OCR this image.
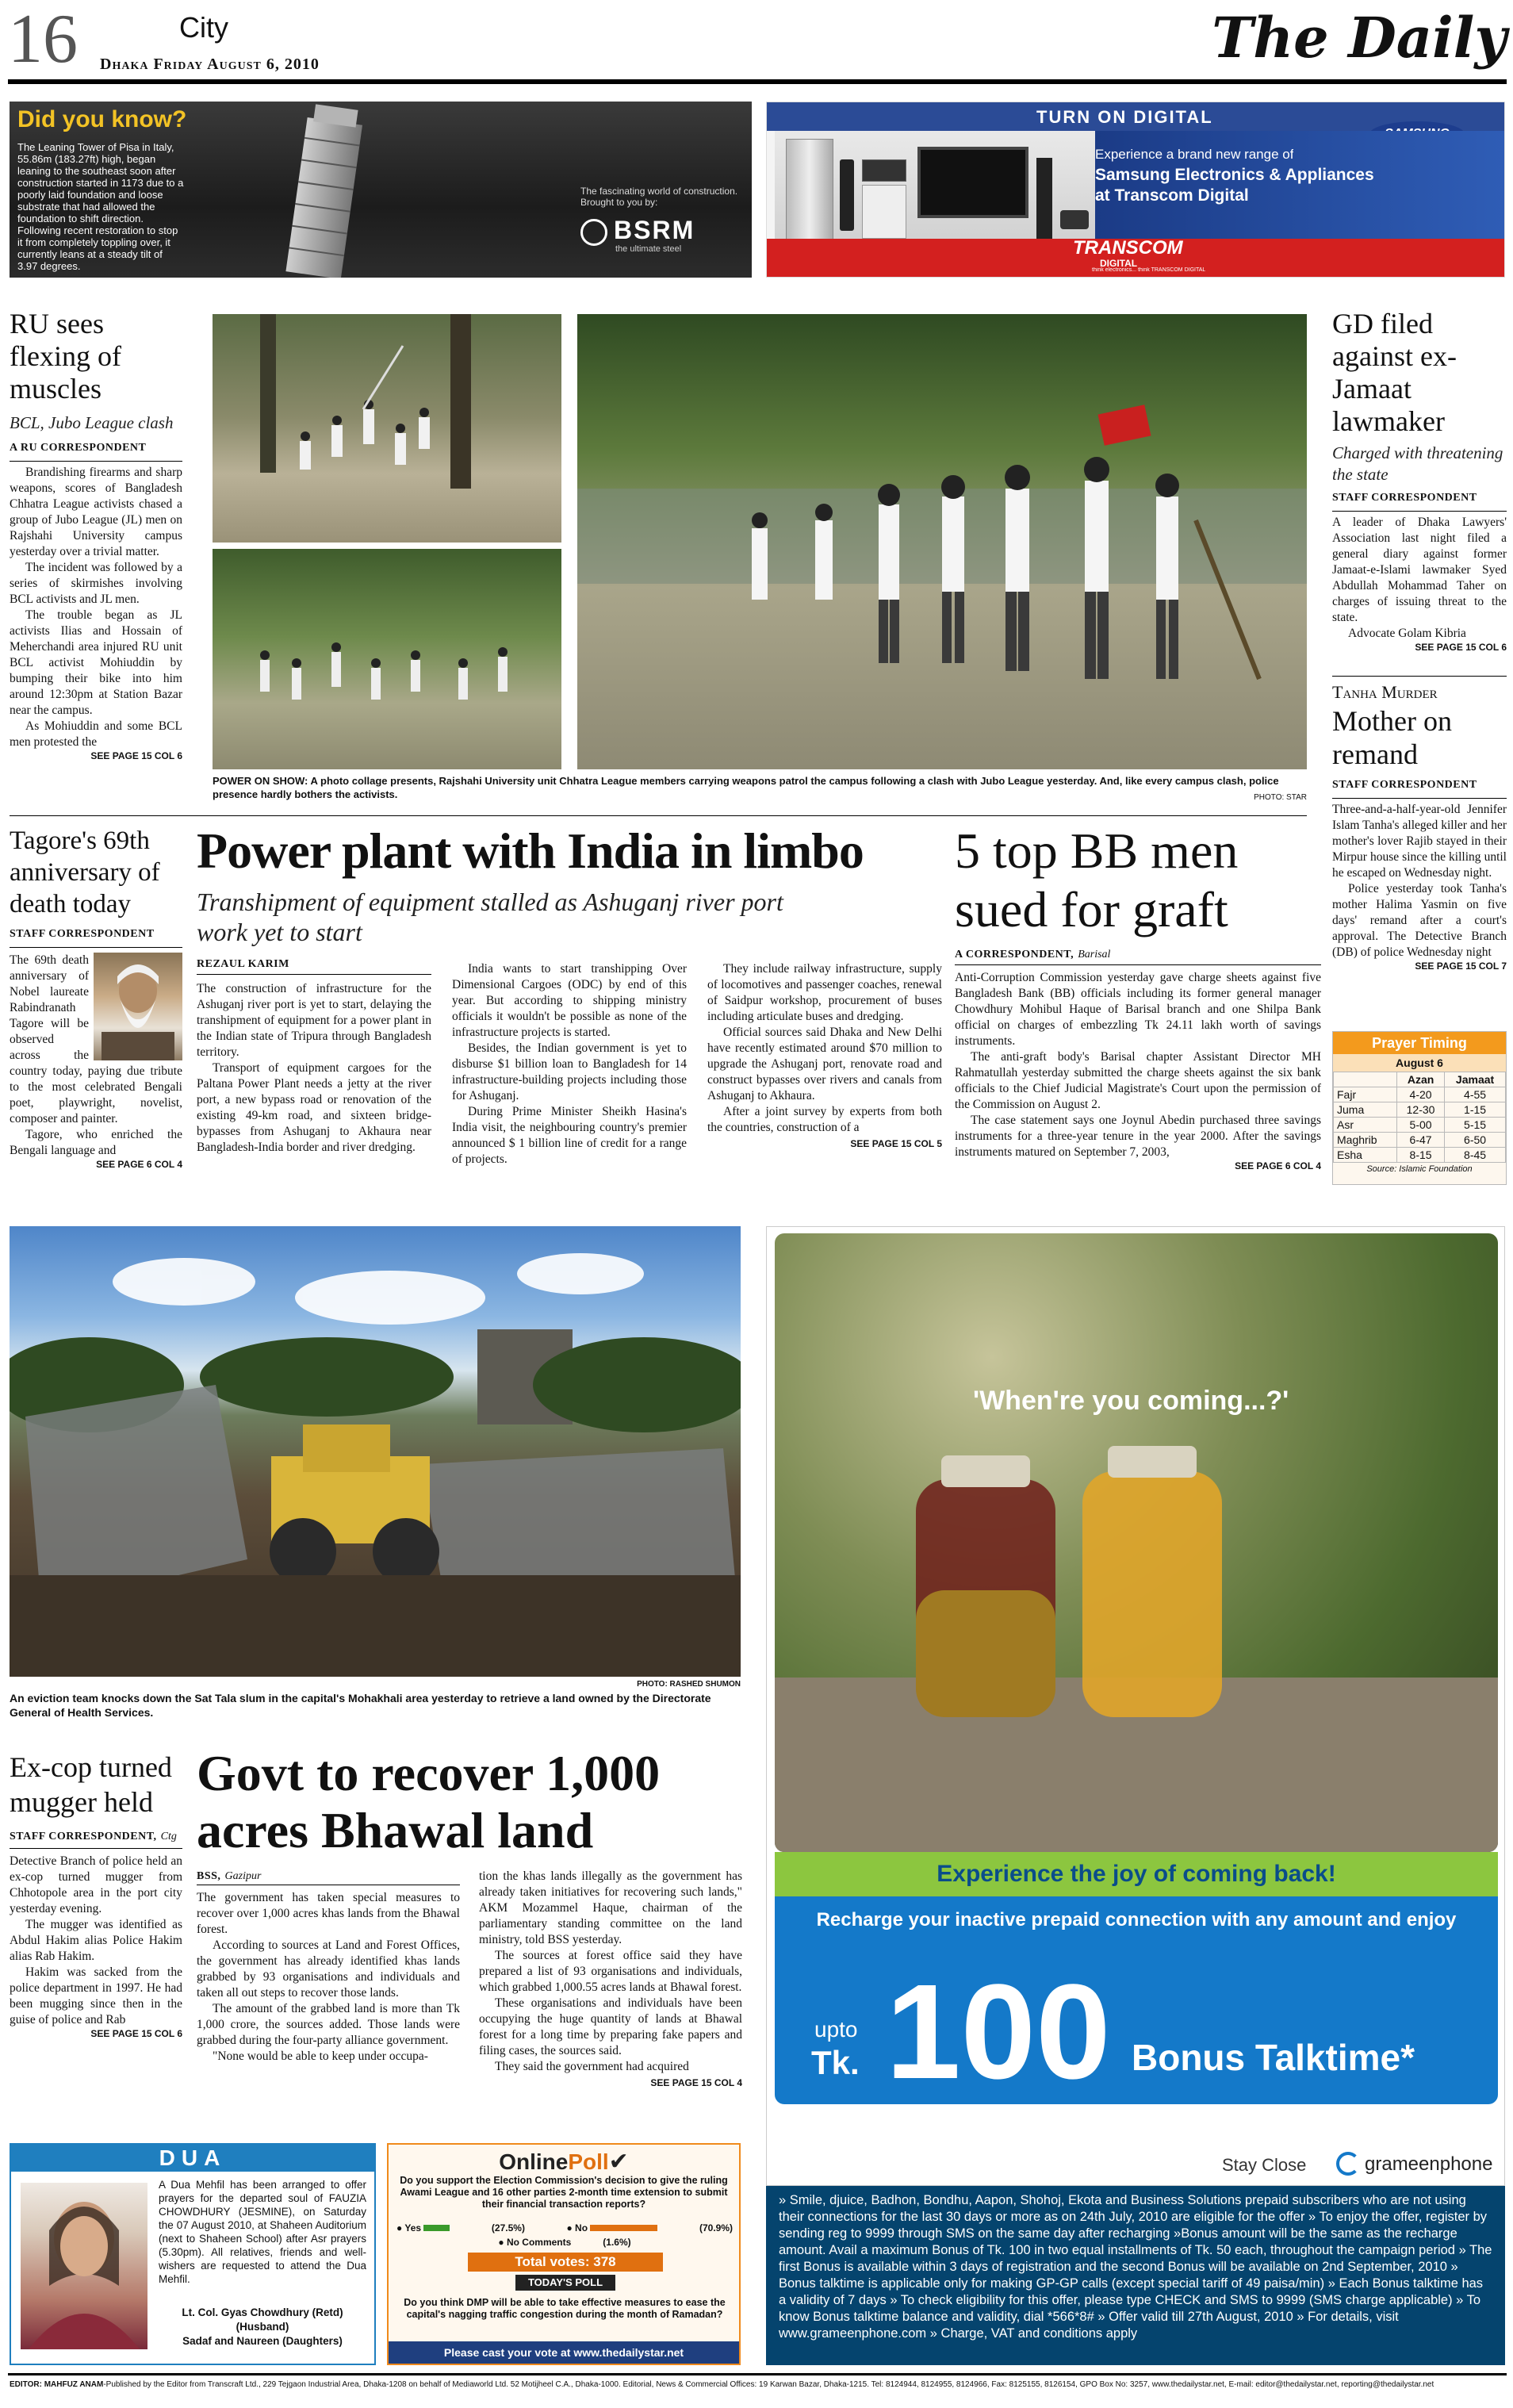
16	City
Dhaka Friday August 6, 2010	The Daily
Did you know?
The Leaning Tower of Pisa in Italy, 55.86m (183.27ft) high, began leaning to the southeast soon after construction started in 1173 due to a poorly laid foundation and loose substrate that had allowed the foundation to shift direction. Following recent restoration to stop it from completely toppling over, it currently leans at a steady tilt of 3.97 degrees.
The fascinating world of construction. Brought to you by:
BSRM
the ultimate steel
TURN ON DIGITAL
Experience a brand new range of
Samsung Electronics & Appliances
at Transcom Digital
TRANSCOM
DIGITAL
think electronics... think TRANSCOM DIGITAL
RU sees flexing of muscles
BCL, Jubo League clash
A RU CORRESPONDENT

Brandishing firearms and sharp weapons, scores of Bangladesh Chhatra League activists chased a group of Jubo League (JL) men on Rajshahi University campus yesterday over a trivial matter.

The incident was followed by a series of skirmishes involving BCL activists and JL men.

The trouble began as JL activists Ilias and Hossain of Meherchandi area injured RU unit BCL activist Mohiuddin by bumping their bike into him around 12:30pm at Station Bazar near the campus.

As Mohiuddin and some BCL men protested the

SEE PAGE 15 COL 6
POWER ON SHOW: A photo collage presents, Rajshahi University unit Chhatra League members carrying weapons patrol the campus following a clash with Jubo League yesterday. And, like every campus clash, police presence hardly bothers the activists.	PHOTO: STAR
GD filed against ex-Jamaat lawmaker
Charged with threatening the state
STAFF CORRESPONDENT

A leader of Dhaka Lawyers' Association last night filed a general diary against former Jamaat-e-Islami lawmaker Syed Abdullah Mohammad Taher on charges of issuing threat to the state.

Advocate Golam Kibria

SEE PAGE 15 COL 6
Tanha Murder
Mother on remand
STAFF CORRESPONDENT

Three-and-a-half-year-old Jennifer Islam Tanha's alleged killer and her mother's lover Rajib stayed in their Mirpur house since the killing until he escaped on Wednesday night.

Police yesterday took Tanha's mother Halima Yasmin on five days' remand after a court's approval. The Detective Branch (DB) of police Wednesday night

SEE PAGE 15 COL 7
Prayer Timing
August 6
	Azan	Jamaat
Fajr	4-20	4-55
Juma	12-30	1-15
Asr	5-00	5-15
Maghrib	6-47	6-50
Esha	8-15	8-45
Source: Islamic Foundation
Tagore's 69th anniversary of death today
STAFF CORRESPONDENT

The 69th death anniversary of Nobel laureate Rabindranath Tagore will be observed

across the country today, paying due tribute to the most celebrated Bengali poet, playwright, novelist, composer and painter.

Tagore, who enriched the Bengali language and

SEE PAGE 6 COL 4
Power plant with India in limbo
Transhipment of equipment stalled as Ashuganj river port work yet to start
REZAUL KARIM

The construction of infrastructure for the Ashuganj river port is yet to start, delaying the transhipment of equipment for a power plant in the Indian state of Tripura through Bangladesh territory.

Transport of equipment cargoes for the Paltana Power Plant needs a jetty at the river port, a new bypass road or renovation of the existing 49-km road, and sixteen bridge-bypasses from Ashuganj to Akhaura near Bangladesh-India border and river dredging.

India wants to start transhipping Over Dimensional Cargoes (ODC) by end of this year. But according to shipping ministry officials it wouldn't be possible as none of the infrastructure projects is started.

Besides, the Indian government is yet to disburse $1 billion loan to Bangladesh for 14 infrastructure-building projects including those for Ashuganj.

During Prime Minister Sheikh Hasina's India visit, the neighbouring country's premier announced $ 1 billion line of credit for a range of projects.

They include railway infrastructure, supply of locomotives and passenger coaches, renewal of Saidpur workshop, procurement of buses including articulate buses and dredging.

Official sources said Dhaka and New Delhi have recently estimated around $70 million to upgrade the Ashuganj port, renovate road and construct bypasses over rivers and canals from Ashuganj to Akhaura.

After a joint survey by experts from both the countries, construction of a

SEE PAGE 15 COL 5
5 top BB men sued for graft
A CORRESPONDENT, Barisal

Anti-Corruption Commission yesterday gave charge sheets against five Bangladesh Bank (BB) officials including its former general manager Chowdhury Mohibul Haque of Barisal branch and one Shilpa Bank official on charges of embezzling Tk 24.11 lakh worth of savings instruments.

The anti-graft body's Barisal chapter Assistant Director MH Rahmatullah yesterday submitted the charge sheets against the six bank officials to the Chief Judicial Magistrate's Court upon the permission of the Commission on August 2.

The case statement says one Joynul Abedin purchased three savings instruments for a three-year tenure in the year 2000. After the savings instruments matured on September 7, 2003,

SEE PAGE 6 COL 4
PHOTO: RASHED SHUMON
An eviction team knocks down the Sat Tala slum in the capital's Mohakhali area yesterday to retrieve a land owned by the Directorate General of Health Services.
Ex-cop turned mugger held
STAFF CORRESPONDENT, Ctg

Detective Branch of police held an ex-cop turned mugger from Chhotopole area in the port city yesterday evening.

The mugger was identified as Abdul Hakim alias Police Hakim alias Rab Hakim.

Hakim was sacked from the police department in 1997. He had been mugging since then in the guise of police and Rab

SEE PAGE 15 COL 6
Govt to recover 1,000 acres Bhawal land
BSS, Gazipur

The government has taken special measures to recover over 1,000 acres khas lands from the Bhawal forest.

According to sources at Land and Forest Offices, the government has already identified khas lands grabbed by 93 organisations and individuals and taken all out steps to recover those lands.

The amount of the grabbed land is more than Tk 1,000 crore, the sources added. Those lands were grabbed during the four-party alliance government.

"None would be able to keep under occupa-

tion the khas lands illegally as the government has already taken initiatives for recovering such lands," AKM Mozammel Haque, chairman of the parliamentary standing committee on the land ministry, told BSS yesterday.

The sources at forest office said they have prepared a list of 93 organisations and individuals, which grabbed 1,000.55 acres lands at Bhawal forest.

These organisations and individuals have been occupying the huge quantity of lands at Bhawal forest for a long time by preparing fake papers and filing cases, the sources said.

They said the government had acquired

SEE PAGE 15 COL 4
'When're you coming...?'
Experience the joy of coming back!
Recharge your inactive prepaid connection with any amount and enjoy
upto
Tk. 100 Bonus Talktime*
Stay Close	grameenphone
» Smile, djuice, Badhon, Bondhu, Aapon, Shohoj, Ekota and Business Solutions prepaid subscribers who are not using their connections for the last 30 days or more as on 24th July, 2010 are eligible for the offer » To enjoy the offer, register by sending reg to 9999 through SMS on the same day after recharging »Bonus amount will be the same as the recharge amount. Avail a maximum Bonus of Tk. 100 in two equal installments of Tk. 50 each, throughout the campaign period » The first Bonus is available within 3 days of registration and the second Bonus will be available on 2nd September, 2010 » Bonus talktime is applicable only for making GP-GP calls (except special tariff of 49 paisa/min) » Each Bonus talktime has a validity of 7 days » To check eligibility for this offer, please type CHECK and SMS to 9999 (SMS charge applicable) » To know Bonus talktime balance and validity, dial *566*8# » Offer valid till 27th August, 2010 » For details, visit www.grameenphone.com » Charge, VAT and conditions apply
DUA
A Dua Mehfil has been arranged to offer prayers for the departed soul of FAUZIA CHOWDHURY (JESMINE), on Saturday the 07 August 2010, at Shaheen Auditorium (next to Shaheen School) after Asr prayers (5.30pm). All relatives, friends and well-wishers are requested to attend the Dua Mehfil.
Lt. Col. Gyas Chowdhury (Retd)
(Husband)
Sadaf and Naureen (Daughters)
OnlinePoll✔
Do you support the Election Commission's decision to give the ruling Awami League and 16 other parties 2-month time extension to submit their financial transaction reports?
● Yes	(27.5%)	● No	(70.9%)
● No Comments	(1.6%)
Total votes: 378
TODAY'S POLL
Do you think DMP will be able to take effective measures to ease the capital's nagging traffic congestion during the month of Ramadan?
Please cast your vote at www.thedailystar.net
EDITOR: MAHFUZ ANAM-Published by the Editor from Transcraft Ltd., 229 Tejgaon Industrial Area, Dhaka-1208 on behalf of Mediaworld Ltd. 52 Motijheel C.A., Dhaka-1000. Editorial, News & Commercial Offices: 19 Karwan Bazar, Dhaka-1215. Tel: 8124944, 8124955, 8124966, Fax: 8125155, 8126154, GPO Box No: 3257, www.thedailystar.net, E-mail: editor@thedailystar.net, reporting@thedailystar.net
